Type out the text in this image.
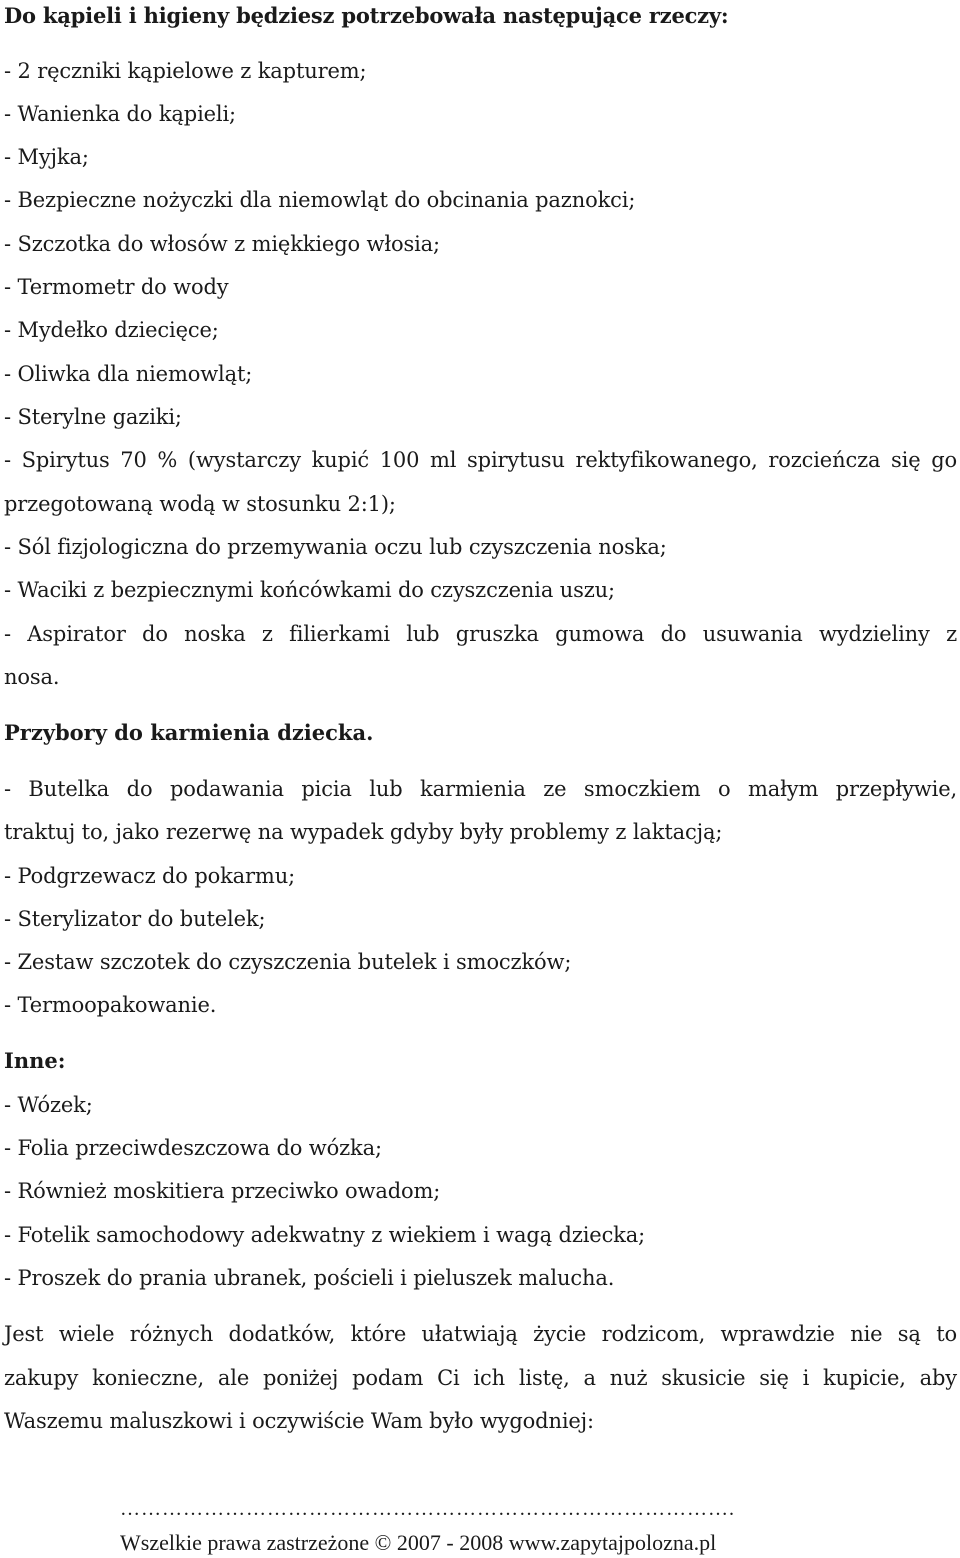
Do kąpieli i higieny będziesz potrzebowała następujące rzeczy:
- 2 ręczniki kąpielowe z kapturem;
- Wanienka do kąpieli;
- Myjka;
- Bezpieczne nożyczki dla niemowląt do obcinania paznokci;
- Szczotka do włosów z miękkiego włosia;
- Termometr do wody
- Mydełko dziecięce;
- Oliwka dla niemowląt;
- Sterylne gaziki;
- Spirytus 70 % (wystarczy kupić 100 ml spirytusu rektyfikowanego, rozcieńcza się go
przegotowaną wodą w stosunku 2:1);
- Sól fizjologiczna do przemywania oczu lub czyszczenia noska;
- Waciki z bezpiecznymi końcówkami do czyszczenia uszu;
- Aspirator do noska z filierkami lub gruszka gumowa do usuwania wydzieliny z
nosa.
Przybory do karmienia dziecka.
- Butelka do podawania picia lub karmienia ze smoczkiem o małym przepływie,
traktuj to, jako rezerwę na wypadek gdyby były problemy z laktacją;
- Podgrzewacz do pokarmu;
- Sterylizator do butelek;
- Zestaw szczotek do czyszczenia butelek i smoczków;
- Termoopakowanie.
Inne:
- Wózek;
- Folia przeciwdeszczowa do wózka;
- Również moskitiera przeciwko owadom;
- Fotelik samochodowy adekwatny z wiekiem i wagą dziecka;
- Proszek do prania ubranek, pościeli i pieluszek malucha.
Jest wiele różnych dodatków, które ułatwiają życie rodzicom, wprawdzie nie są to
zakupy konieczne, ale poniżej podam Ci ich listę, a nuż skusicie się i kupicie, aby
Waszemu maluszkowi i oczywiście Wam było wygodniej:
…………………………………………………………………………….
Wszelkie prawa zastrzeżone © 2007 - 2008 www.zapytajpolozna.pl
